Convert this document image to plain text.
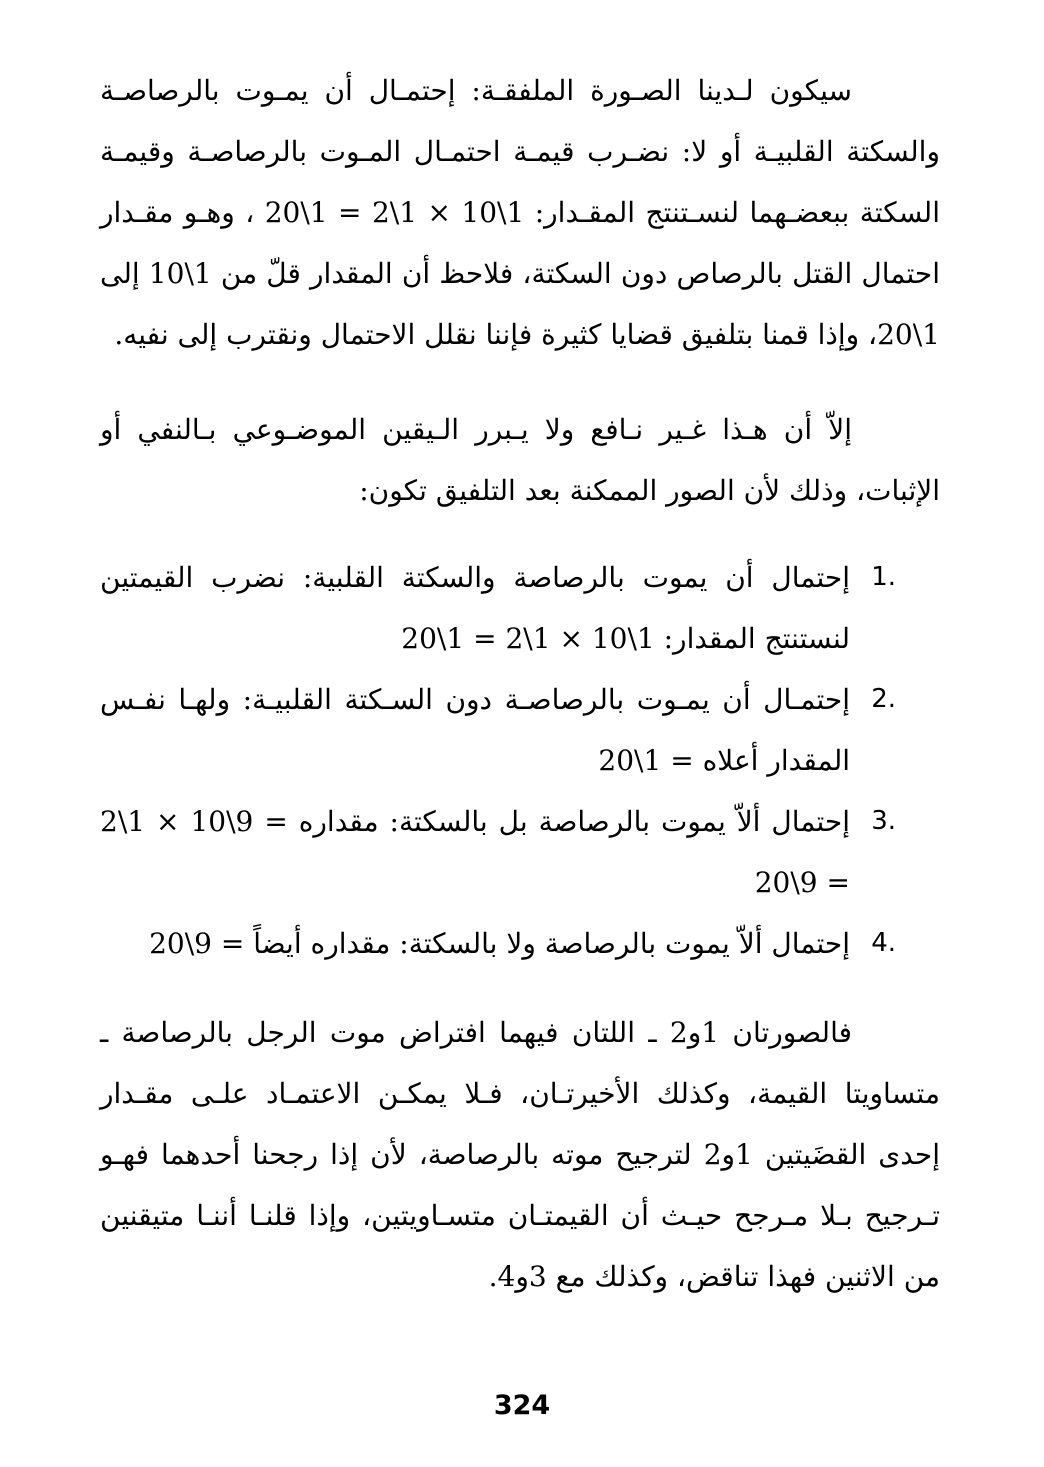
سيكون لـدينا الصـورة الملفقـة: إحتمـال أن يمـوت بالرصاصـة والسكتة القلبيـة أو لا: نضـرب قيمـة احتمـال المـوت بالرصاصـة وقيمـة السكتة ببعضـهما لنسـتنتج المقـدار: 1\10 × 1\2 = 1\20 ، وهـو مقـدار احتمال القتل بالرصاص دون السكتة، فلاحظ أن المقدار قلّ من 1\10 إلى 1\20، وإذا قمنا بتلفيق قضايا كثيرة فإننا نقلل الاحتمال ونقترب إلى نفيه.

إلاّ أن هـذا غـير نـافع ولا يـبرر الـيقين الموضـوعي بـالنفي أو الإثبات، وذلك لأن الصور الممكنة بعد التلفيق تكون:

1.
إحتمال أن يموت بالرصاصة والسكتة القلبية: نضرب القيمتين لنستنتج المقدار: 1\10 × 1\2 = 1\20
2.
إحتمـال أن يمـوت بالرصاصـة دون السـكتة القلبيـة: ولهـا نفـس المقدار أعلاه = 1\20
3.
إحتمال ألاّ يموت بالرصاصة بل بالسكتة: مقداره = 9\10 × 1\2 = 9\20
4.
إحتمال ألاّ يموت بالرصاصة ولا بالسكتة: مقداره أيضاً = 9\20

فالصورتان 1و2 ـ اللتان فيهما افتراض موت الرجل بالرصاصة ـ متساويتا القيمة، وكذلك الأخيرتـان، فـلا يمكـن الاعتمـاد علـى مقـدار إحدى القضَيتين 1و2 لترجيح موته بالرصاصة، لأن إذا رجحنا أحدهما فهـو تـرجيح بـلا مـرجح حيـث أن القيمتـان متسـاويتين، وإذا قلنـا أننـا متيقنين من الاثنين فهذا تناقض، وكذلك مع 3و4.

324
